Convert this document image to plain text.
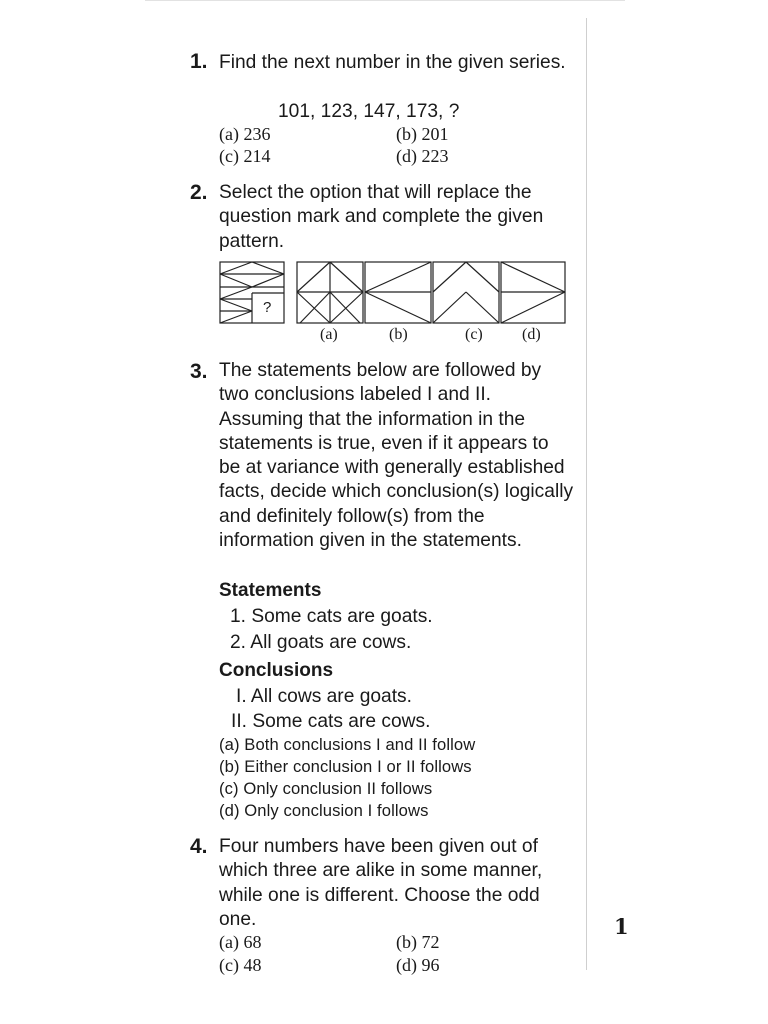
1. Find the next number in the given series.
101, 123, 147, 173, ?
(a) 236	(b) 201
(c) 214	(d) 223
2. Select the option that will replace the question mark and complete the given pattern.
?
(a)	(b)	(c) (d)
3. The statements below are followed by two conclusions labeled I and II. Assuming that the information in the statements is true, even if it appears to be at variance with generally established facts, decide which conclusion(s) logically and definitely follow(s) from the information given in the statements.
Statements
1. Some cats are goats.
2. All goats are cows.
Conclusions
I. All cows are goats.
II. Some cats are cows.
(a) Both conclusions I and II follow
(b) Either conclusion I or II follows
(c) Only conclusion II follows
(d) Only conclusion I follows
4. Four numbers have been given out of which three are alike in some manner, while one is different. Choose the odd one.
(a) 68	(b) 72
(c) 48	(d) 96
1
